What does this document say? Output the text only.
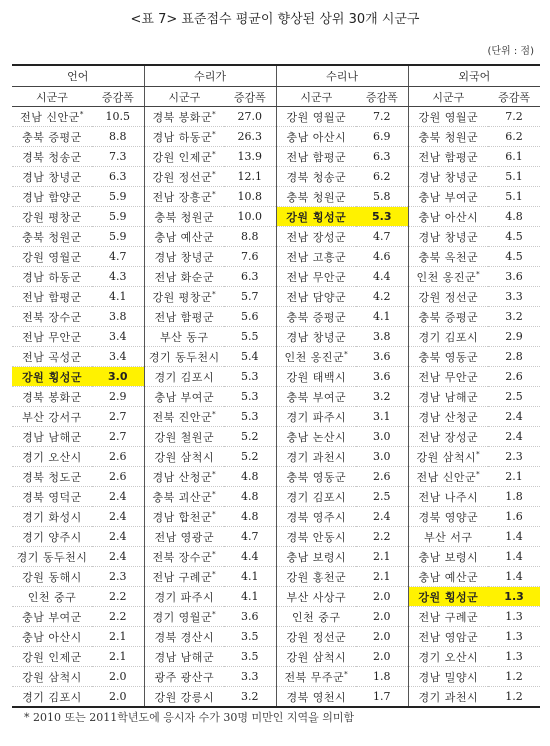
<표 7> 표준점수 평균이 향상된 상위 30개 시군구
(단위 : 점)
언어		수리가		수리나		외국어	
시군구	증감폭	시군구	증감폭	시군구	증감폭	시군구	증감폭
전남 신안군*	10.5	경북 봉화군*	27.0	강원 영월군	7.2	강원 영월군	7.2
충북 증평군	8.8	경남 하동군*	26.3	충남 아산시	6.9	충북 청원군	6.2
경북 청송군	7.3	강원 인제군*	13.9	전남 함평군	6.3	전남 함평군	6.1
경남 창녕군	6.3	강원 정선군*	12.1	경북 청송군	6.2	경남 창녕군	5.1
경남 함양군	5.9	전남 장흥군*	10.8	충북 청원군	5.8	충남 부여군	5.1
강원 평창군	5.9	충북 청원군	10.0	강원 횡성군	5.3	충남 아산시	4.8
충북 청원군	5.9	충남 예산군	8.8	전남 장성군	4.7	경남 창녕군	4.5
강원 영월군	4.7	경남 창녕군	7.6	전남 고흥군	4.6	충북 옥천군	4.5
경남 하동군	4.3	전남 화순군	6.3	전남 무안군	4.4	인천 옹진군*	3.6
전남 함평군	4.1	강원 평창군*	5.7	전남 담양군	4.2	강원 정선군	3.3
전북 장수군	3.8	전남 함평군	5.6	충북 증평군	4.1	충북 증평군	3.2
전남 무안군	3.4	부산 동구	5.5	경남 창녕군	3.8	경기 김포시	2.9
전남 곡성군	3.4	경기 동두천시	5.4	인천 옹진군*	3.6	충북 영동군	2.8
강원 횡성군	3.0	경기 김포시	5.3	강원 태백시	3.6	전남 무안군	2.6
경북 봉화군	2.9	충남 부여군	5.3	충북 부여군	3.2	경남 남해군	2.5
부산 강서구	2.7	전북 진안군*	5.3	경기 파주시	3.1	경남 산청군	2.4
경남 남해군	2.7	강원 철원군	5.2	충남 논산시	3.0	전남 장성군	2.4
경기 오산시	2.6	강원 삼척시	5.2	경기 과천시	3.0	강원 삼척시*	2.3
경북 청도군	2.6	경남 산청군*	4.8	충북 영동군	2.6	전남 신안군*	2.1
경북 영덕군	2.4	충북 괴산군*	4.8	경기 김포시	2.5	전남 나주시	1.8
경기 화성시	2.4	경남 합천군*	4.8	경북 영주시	2.4	경북 영양군	1.6
경기 양주시	2.4	전남 영광군	4.7	경북 안동시	2.2	부산 서구	1.4
경기 동두천시	2.4	전북 장수군*	4.4	충남 보령시	2.1	충남 보령시	1.4
강원 동해시	2.3	전남 구례군*	4.1	강원 홍천군	2.1	충남 예산군	1.4
인천 중구	2.2	경기 파주시	4.1	부산 사상구	2.0	강원 횡성군	1.3
충남 부여군	2.2	경기 영월군*	3.6	인천 중구	2.0	전남 구례군	1.3
충남 아산시	2.1	경북 경산시	3.5	강원 정선군	2.0	전남 영암군	1.3
강원 인제군	2.1	경남 남해군	3.5	강원 삼척시	2.0	경기 오산시	1.3
강원 삼척시	2.0	광주 광산구	3.3	전북 무주군*	1.8	경남 밀양시	1.2
경기 김포시	2.0	강원 강릉시	3.2	경북 영천시	1.7	경기 과천시	1.2
* 2010 또는 2011학년도에 응시자 수가 30명 미만인 지역을 의미함
